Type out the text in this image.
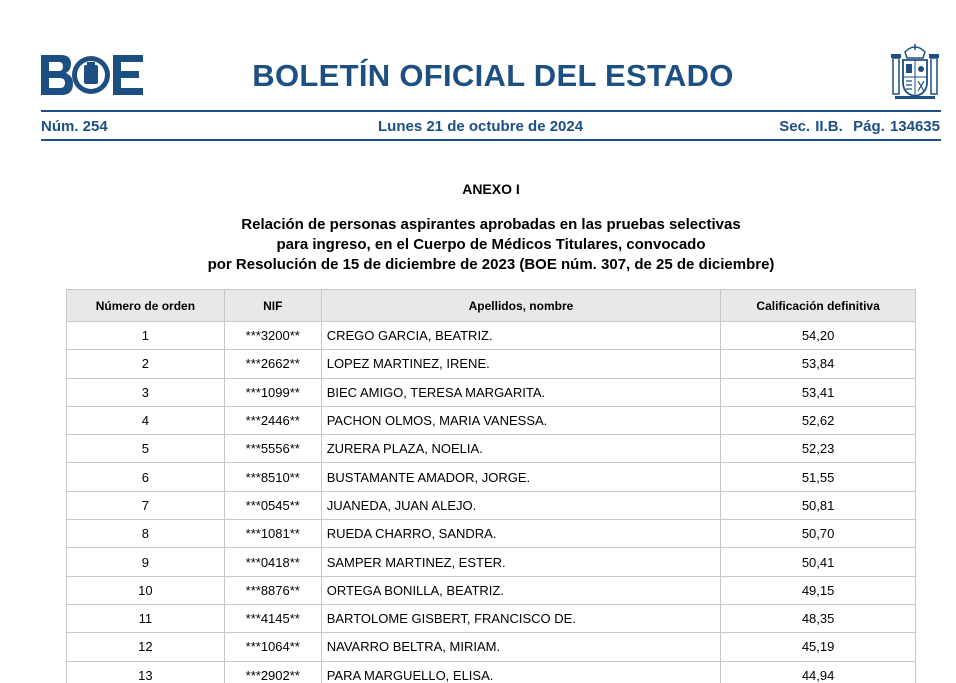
BOLETÍN OFICIAL DEL ESTADO
Núm. 254	Lunes 21 de octubre de 2024	Sec. II.B.  Pág. 134635
ANEXO I
Relación de personas aspirantes aprobadas en las pruebas selectivas
para ingreso, en el Cuerpo de Médicos Titulares, convocado
por Resolución de 15 de diciembre de 2023 (BOE núm. 307, de 25 de diciembre)
Número de orden	NIF	Apellidos, nombre	Calificación definitiva
1	***3200**	CREGO GARCIA, BEATRIZ.	54,20
2	***2662**	LOPEZ MARTINEZ, IRENE.	53,84
3	***1099**	BIEC AMIGO, TERESA MARGARITA.	53,41
4	***2446**	PACHON OLMOS, MARIA VANESSA.	52,62
5	***5556**	ZURERA PLAZA, NOELIA.	52,23
6	***8510**	BUSTAMANTE AMADOR, JORGE.	51,55
7	***0545**	JUANEDA, JUAN ALEJO.	50,81
8	***1081**	RUEDA CHARRO, SANDRA.	50,70
9	***0418**	SAMPER MARTINEZ, ESTER.	50,41
10	***8876**	ORTEGA BONILLA, BEATRIZ.	49,15
11	***4145**	BARTOLOME GISBERT, FRANCISCO DE.	48,35
12	***1064**	NAVARRO BELTRA, MIRIAM.	45,19
13	***2902**	PARA MARGUELLO, ELISA.	44,94
